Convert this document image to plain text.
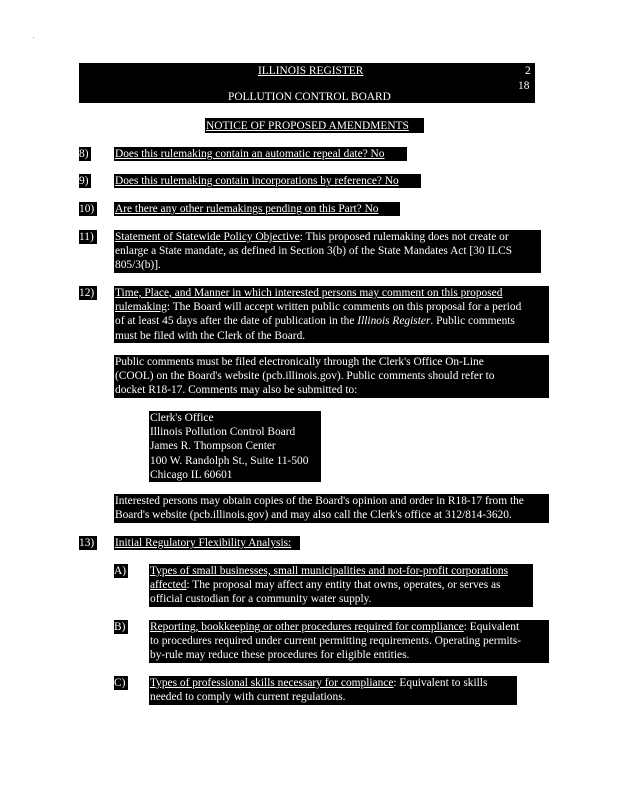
ILLINOIS REGISTER	2
18
POLLUTION CONTROL BOARD
NOTICE OF PROPOSED AMENDMENTS
8) Does this rulemaking contain an automatic repeal date? No
9) Does this rulemaking contain incorporations by reference? No
10) Are there any other rulemakings pending on this Part? No
11) Statement of Statewide Policy Objective: This proposed rulemaking does not create or
enlarge a State mandate, as defined in Section 3(b) of the State Mandates Act [30 ILCS
805/3(b)].
12) Time, Place, and Manner in which interested persons may comment on this proposed
rulemaking: The Board will accept written public comments on this proposal for a period
of at least 45 days after the date of publication in the Illinois Register. Public comments
must be filed with the Clerk of the Board.
Public comments must be filed electronically through the Clerk's Office On-Line
(COOL) on the Board's website (pcb.illinois.gov). Public comments should refer to
docket R18-17. Comments may also be submitted to:
Clerk's Office
Illinois Pollution Control Board
James R. Thompson Center
100 W. Randolph St., Suite 11-500
Chicago IL 60601
Interested persons may obtain copies of the Board's opinion and order in R18-17 from the
Board's website (pcb.illinois.gov) and may also call the Clerk's office at 312/814-3620.
13) Initial Regulatory Flexibility Analysis:
A) Types of small businesses, small municipalities and not-for-profit corporations
affected: The proposal may affect any entity that owns, operates, or serves as
official custodian for a community water supply.
B) Reporting, bookkeeping or other procedures required for compliance: Equivalent
to procedures required under current permitting requirements. Operating permits-
by-rule may reduce these procedures for eligible entities.
C) Types of professional skills necessary for compliance: Equivalent to skills
needed to comply with current regulations.
